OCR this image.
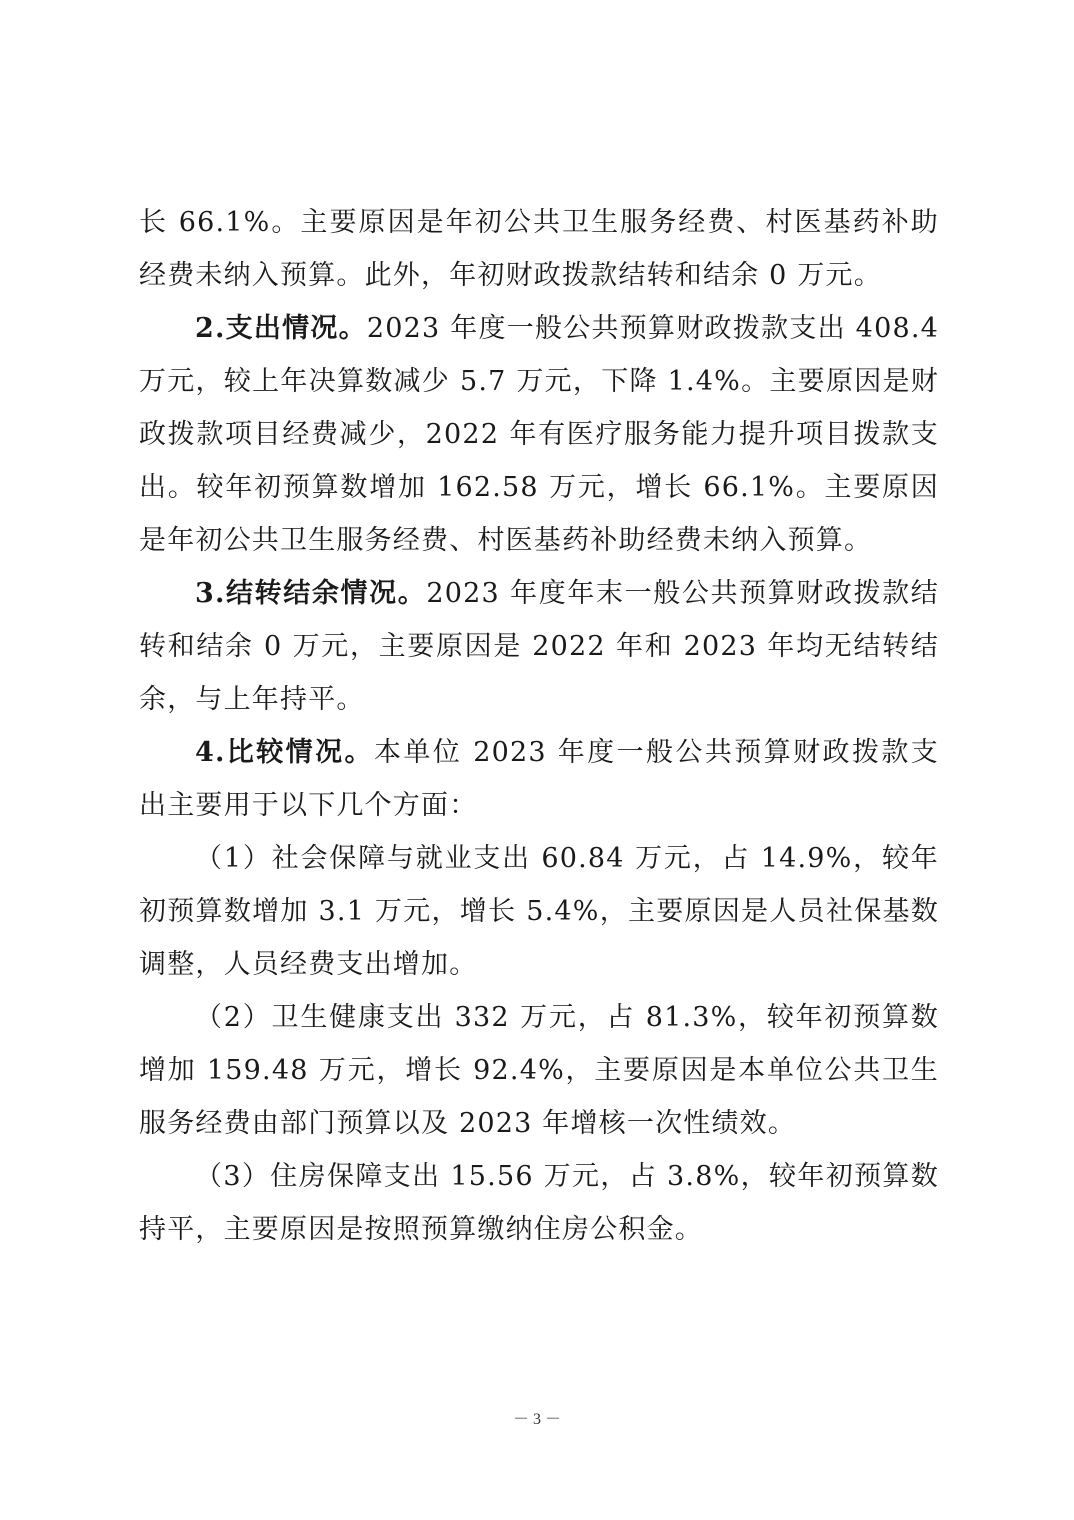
长 66.1%。主要原因是年初公共卫生服务经费、村医基药补助经费未纳入预算。此外，年初财政拨款结转和结余 0 万元。

2.支出情况。2023 年度一般公共预算财政拨款支出 408.4 万元，较上年决算数减少 5.7 万元，下降 1.4%。主要原因是财政拨款项目经费减少，2022 年有医疗服务能力提升项目拨款支出。较年初预算数增加 162.58 万元，增长 66.1%。主要原因是年初公共卫生服务经费、村医基药补助经费未纳入预算。

3.结转结余情况。2023 年度年末一般公共预算财政拨款结转和结余 0 万元，主要原因是 2022 年和 2023 年均无结转结余，与上年持平。

4.比较情况。本单位 2023 年度一般公共预算财政拨款支出主要用于以下几个方面：

（1）社会保障与就业支出 60.84 万元，占 14.9%，较年初预算数增加 3.1 万元，增长 5.4%，主要原因是人员社保基数调整，人员经费支出增加。

（2）卫生健康支出 332 万元，占 81.3%，较年初预算数增加 159.48 万元，增长 92.4%，主要原因是本单位公共卫生服务经费由部门预算以及 2023 年增核一次性绩效。

（3）住房保障支出 15.56 万元，占 3.8%，较年初预算数持平，主要原因是按照预算缴纳住房公积金。

－ 3 －
